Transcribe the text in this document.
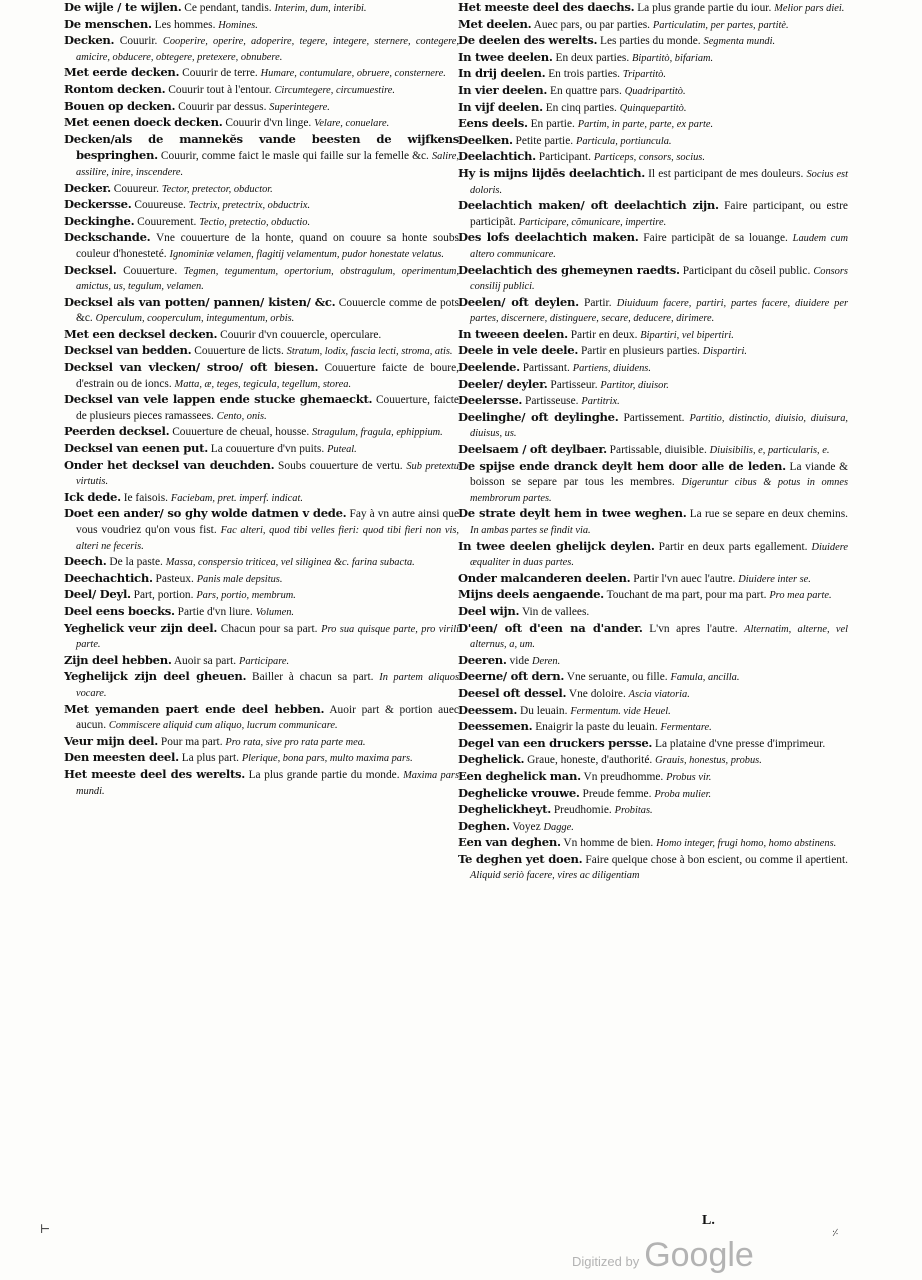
De wijle / te wijlen. Ce pendant, tandis. Interim, dum, interibi.

De menschen. Les hommes. Homines.

Decken. Couurir. Cooperire, operire, adoperire, tegere, integere, sternere, contegere, amicire, obducere, obtegere, pretexere, obnubere.

Met eerde decken. Couurir de terre. Humare, contumulare, obruere, consternere.

Rontom decken. Couurir tout à l'entour. Circumtegere, circumuestire.

Bouen op decken. Couurir par dessus. Superintegere.

Met eenen doeck decken. Couurir d'vn linge. Velare, conuelare.

Decken/als de mannekĕs vande beesten de wijfkens bespringhen. Couurir, comme faict le masle qui faille sur la femelle &c. Salire, assilire, inire, inscendere.

Decker. Couureur. Tector, pretector, obductor.

Deckersse. Couureuse. Tectrix, pretectrix, obductrix.

Deckinghe. Couurement. Tectio, pretectio, obductio.

Deckschande. Vne couuerture de la honte, quand on couure sa honte soubs couleur d'honesteté. Ignominiæ velamen, flagitij velamentum, pudor honestate velatus.

Decksel. Couuerture. Tegmen, tegumentum, opertorium, obstragulum, operimentum, amictus, us, tegulum, velamen.

Decksel als van potten/ pannen/ kisten/ &c. Couuercle comme de pots &c. Operculum, cooperculum, integumentum, orbis.

Met een decksel decken. Couurir d'vn couuercle, operculare.

Decksel van bedden. Couuerture de licts. Stratum, lodix, fascia lecti, stroma, atis.

Decksel van vlecken/ stroo/ oft biesen. Couuerture faicte de boure, d'estrain ou de ioncs. Matta, æ, teges, tegicula, tegellum, storea.

Decksel van vele lappen ende stucke ghemaeckt. Couuerture, faicte de plusieurs pieces ramassees. Cento, onis.

Peerden decksel. Couuerture de cheual, housse. Stragulum, fragula, ephippium.

Decksel van eenen put. La couuerture d'vn puits. Puteal.

Onder het decksel van deuchden. Soubs couuerture de vertu. Sub pretextu virtutis.

Ick dede. Ie faisois. Faciebam, pret. imperf. indicat.

Doet een ander/ so ghy wolde datmen v dede. Fay à vn autre ainsi que vous voudriez qu'on vous fist. Fac alteri, quod tibi velles fieri: quod tibi fieri non vis, alteri ne feceris.

Deech. De la paste. Massa, conspersio triticea, vel siliginea &c. farina subacta.

Deechachtich. Pasteux. Panis male depsitus.

Deel/ Deyl. Part, portion. Pars, portio, membrum.

Deel eens boecks. Partie d'vn liure. Volumen.

Yeghelick veur zijn deel. Chacun pour sa part. Pro sua quisque parte, pro virili parte.

Zijn deel hebben. Auoir sa part. Participare.

Yeghelijck zijn deel gheuen. Bailler à chacun sa part. In partem aliquos vocare.

Met yemanden paert ende deel hebben. Auoir part & portion auec aucun. Commiscere aliquid cum aliquo, lucrum communicare.

Veur mijn deel. Pour ma part. Pro rata, sive pro rata parte mea.

Den meesten deel. La plus part. Plerique, bona pars, multo maxima pars.

Het meeste deel des werelts. La plus grande partie du monde. Maxima pars mundi.

Het meeste deel des daechs. La plus grande partie du iour. Melior pars diei.

Met deelen. Auec pars, ou par parties. Particulatim, per partes, partitè.

De deelen des werelts. Les parties du monde. Segmenta mundi.

In twee deelen. En deux parties. Bipartitò, bifariam.

In drij deelen. En trois parties. Tripartitò.

In vier deelen. En quattre pars. Quadripartitò.

In vijf deelen. En cinq parties. Quinquepartitò.

Eens deels. En partie. Partim, in parte, parte, ex parte.

Deelken. Petite partie. Particula, portiuncula.

Deelachtich. Participant. Particeps, consors, socius.

Hy is mijns lijdēs deelachtich. Il est participant de mes douleurs. Socius est doloris.

Deelachtich maken/ oft deelachtich zijn. Faire participant, ou estre participãt. Participare, cõmunicare, impertire.

Des lofs deelachtich maken. Faire participãt de sa louange. Laudem cum altero communicare.

Deelachtich des ghemeynen raedts. Participant du cõseil public. Consors consilij publici.

Deelen/ oft deylen. Partir. Diuiduum facere, partiri, partes facere, diuidere per partes, discernere, distinguere, secare, deducere, dirimere.

In tweeen deelen. Partir en deux. Bipartiri, vel bipertiri.

Deele in vele deele. Partir en plusieurs parties. Dispartiri.

Deelende. Partissant. Partiens, diuidens.

Deeler/ deyler. Partisseur. Partitor, diuisor.

Deelersse. Partisseuse. Partitrix.

Deelinghe/ oft deylinghe. Partissement. Partitio, distinctio, diuisio, diuisura, diuisus, us.

Deelsaem / oft deylbaer. Partissable, diuisible. Diuisibilis, e, particularis, e.

De spijse ende dranck deylt hem door alle de leden. La viande & boisson se separe par tous les membres. Digeruntur cibus & potus in omnes membrorum partes.

De strate deylt hem in twee weghen. La rue se separe en deux chemins. In ambas partes se findit via.

In twee deelen ghelijck deylen. Partir en deux parts egallement. Diuidere æqualiter in duas partes.

Onder malcanderen deelen. Partir l'vn auec l'autre. Diuidere inter se.

Mijns deels aengaende. Touchant de ma part, pour ma part. Pro mea parte.

Deel wijn. Vin de vallees.

D'een/ oft d'een na d'ander. L'vn apres l'autre. Alternatim, alterne, vel alternus, a, um.

Deeren. vide Deren.

Deerne/ oft dern. Vne seruante, ou fille. Famula, ancilla.

Deesel oft dessel. Vne doloire. Ascia viatoria.

Deessem. Du leuain. Fermentum. vide Heuel.

Deessemen. Enaigrir la paste du leuain. Fermentare.

Degel van een druckers persse. La plataine d'vne presse d'imprimeur.

Deghelick. Graue, honeste, d'authorité. Grauis, honestus, probus.

Een deghelick man. Vn preudhomme. Probus vir.

Deghelicke vrouwe. Preude femme. Proba mulier.

Deghelickheyt. Preudhomie. Probitas.

Deghen. Voyez Dagge.

Een van deghen. Vn homme de bien. Homo integer, frugi homo, homo abstinens.

Te deghen yet doen. Faire quelque chose à bon escient, ou comme il apertient. Aliquid seriò facere, vires ac diligentiam

L.
⊢	⸓
Digitized by Google
